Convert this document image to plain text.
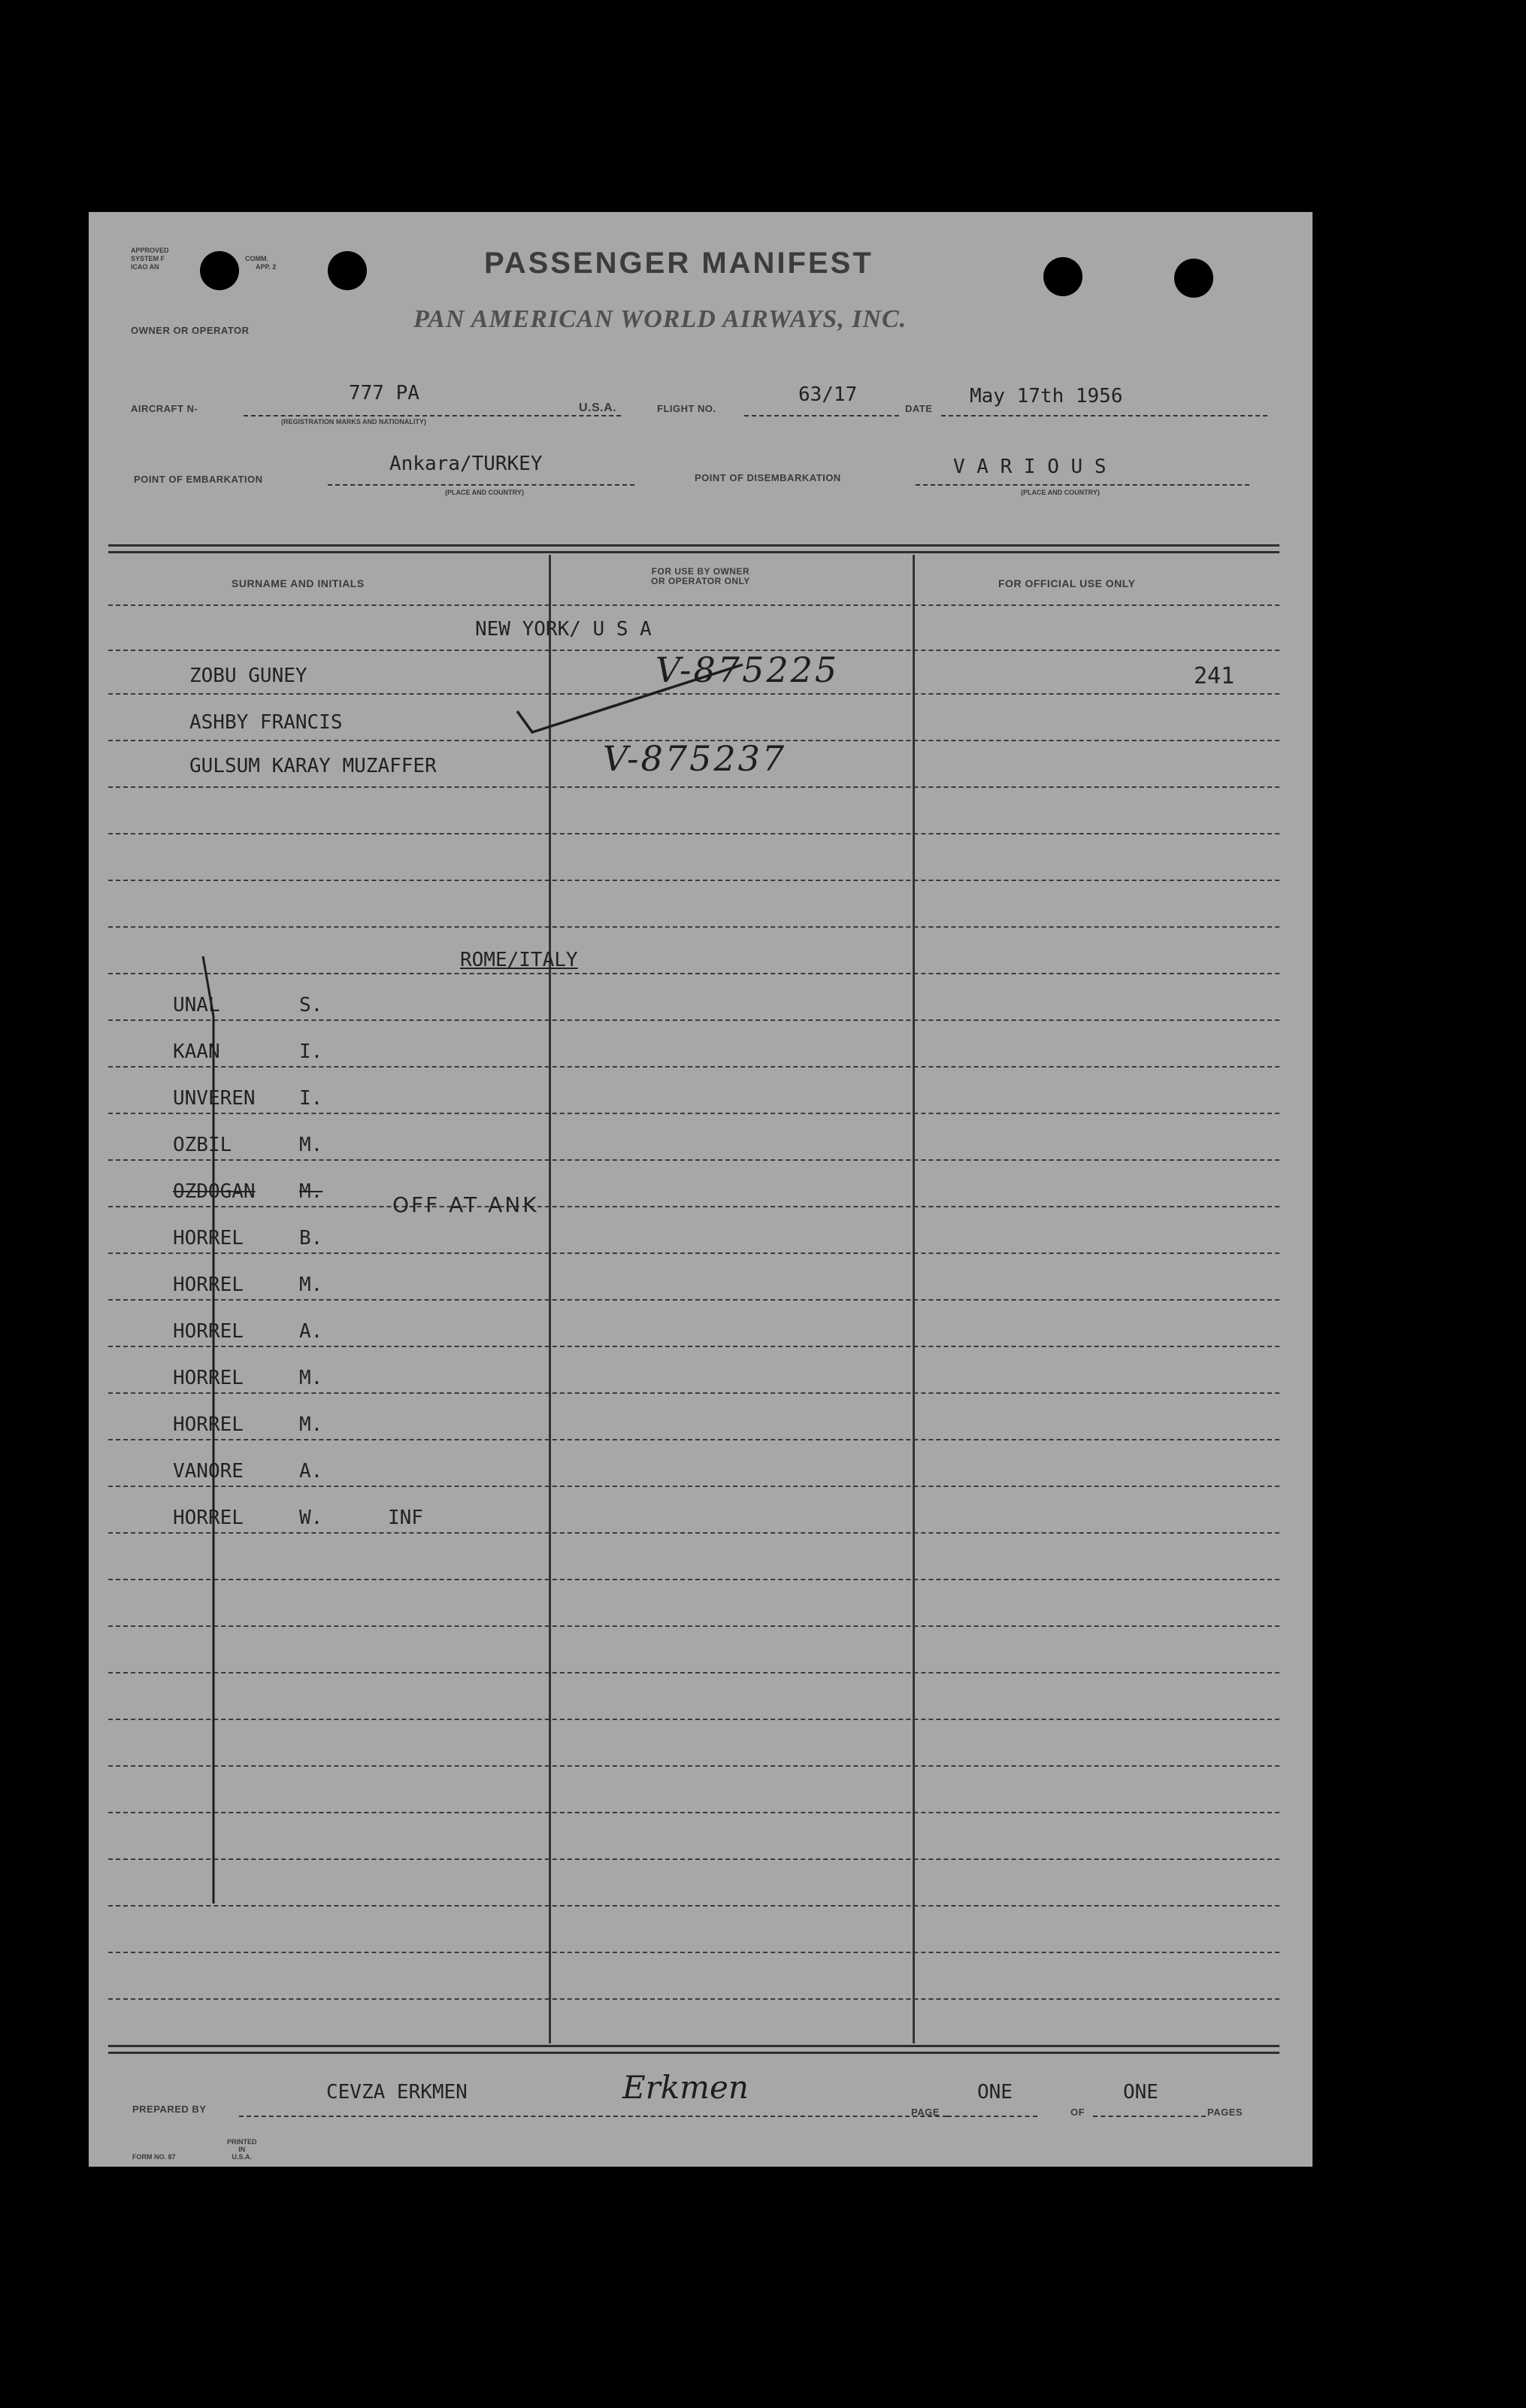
APPROVED
SYSTEM F
ICAO AN
COMM.
APP. 2	PASSENGER MANIFEST
OWNER OR OPERATOR	PAN AMERICAN WORLD AIRWAYS, INC.
AIRCRAFT N-
777 PA
(REGISTRATION MARKS AND NATIONALITY)
U.S.A.	FLIGHT NO.
63/17
DATE
May 17th 1956
POINT OF EMBARKATION
Ankara/TURKEY
(PLACE AND COUNTRY)
POINT OF DISEMBARKATION	V A R I O U S
(PLACE AND COUNTRY)
SURNAME AND INITIALS
FOR USE BY OWNER
OR OPERATOR ONLY	FOR OFFICIAL USE ONLY
NEW YORK/ U S A
ZOBU GUNEY	V-875225	241
ASHBY FRANCIS
GULSUM KARAY MUZAFFER	V-875237
ROME/ITALY
UNAL	S.
KAAN	I.
UNVEREN I.
OZBIL	M.
OZDOGAN M.
HORREL	B.
HORREL	M.
HORREL	A.
HORREL	M.
HORREL	M.
VANORE	A.
HORREL	W.	INF
OFF AT ANK
PREPARED BY
CEVZA ERKMEN	Erkmen
PAGE
ONE
OF
ONE
PAGES
FORM NO. 87
PRINTED
IN
U.S.A.
